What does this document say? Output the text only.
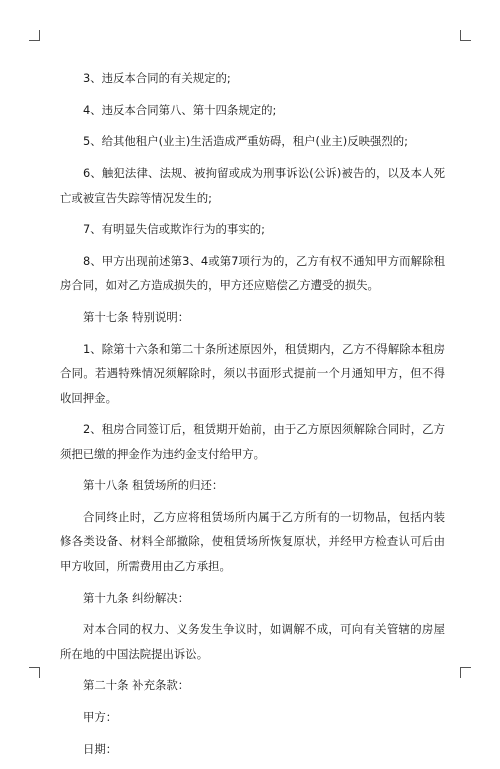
3、违反本合同的有关规定的;

4、违反本合同第八、第十四条规定的;

5、给其他租户(业主)生活造成严重妨碍，租户(业主)反映强烈的;

6、触犯法律、法规、被拘留或成为刑事诉讼(公诉)被告的，以及本人死亡或被宣告失踪等情况发生的;

7、有明显失信或欺诈行为的事实的;

8、甲方出现前述第3、4或第7项行为的，乙方有权不通知甲方而解除租房合同，如对乙方造成损失的，甲方还应赔偿乙方遭受的损失。

第十七条 特别说明：

1、除第十六条和第二十条所述原因外，租赁期内，乙方不得解除本租房合同。若遇特殊情况须解除时，须以书面形式提前一个月通知甲方，但不得收回押金。

2、租房合同签订后，租赁期开始前，由于乙方原因须解除合同时，乙方须把已缴的押金作为违约金支付给甲方。

第十八条 租赁场所的归还：

合同终止时，乙方应将租赁场所内属于乙方所有的一切物品，包括内装修各类设备、材料全部撤除，使租赁场所恢复原状，并经甲方检查认可后由甲方收回，所需费用由乙方承担。

第十九条 纠纷解决：

对本合同的权力、义务发生争议时，如调解不成，可向有关管辖的房屋所在地的中国法院提出诉讼。

第二十条 补充条款：

甲方：

日期：
